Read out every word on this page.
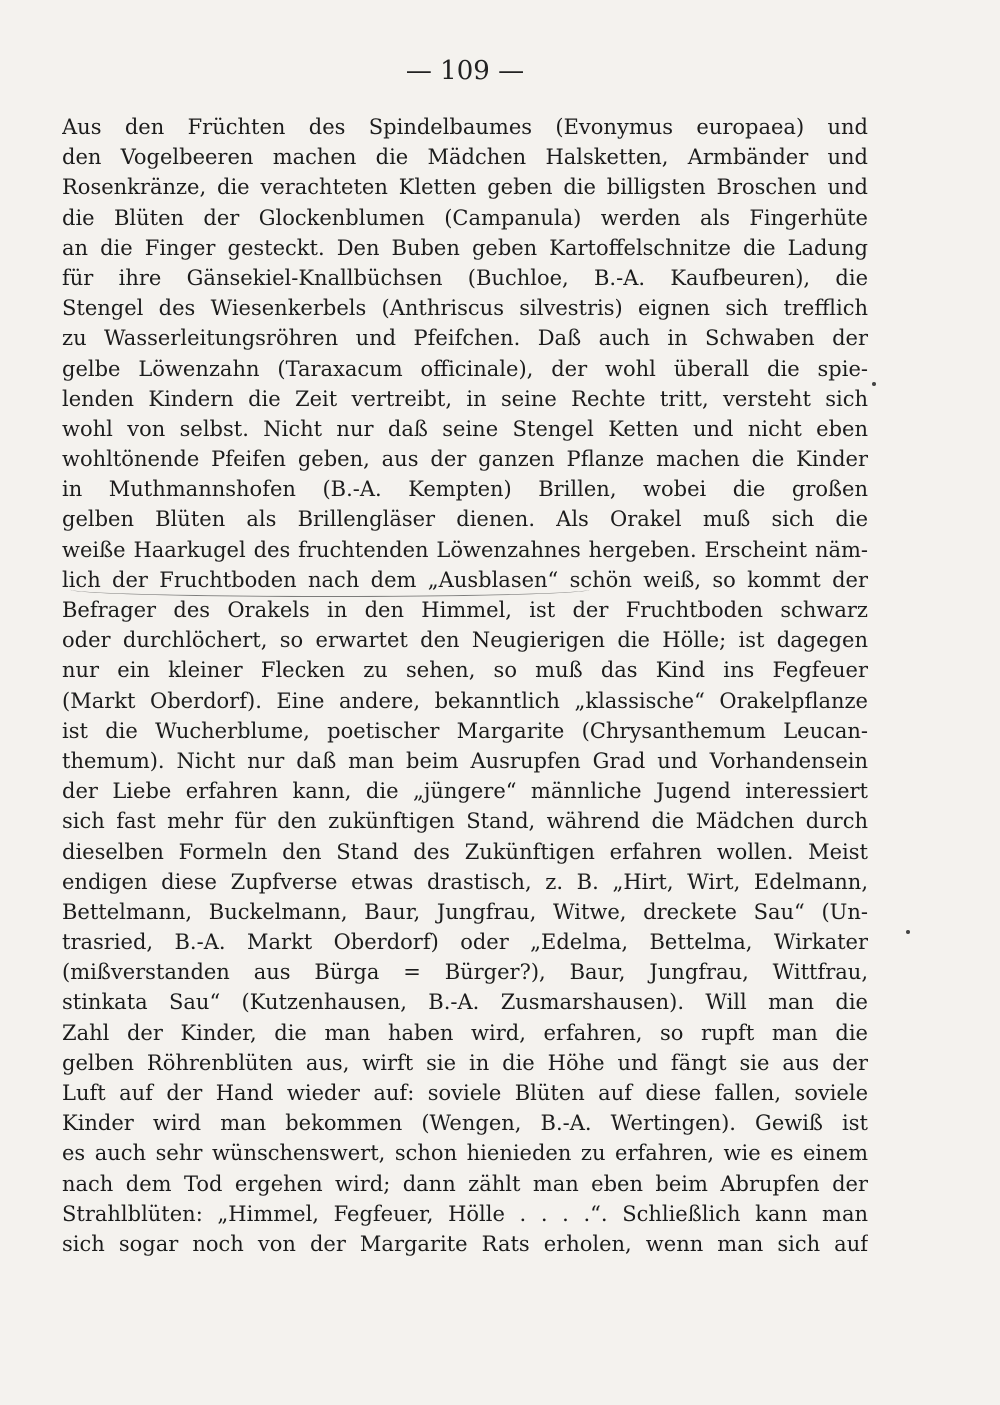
— 109 —
Aus den Früchten des Spindelbaumes (Evonymus europaea) und
den Vogelbeeren machen die Mädchen Halsketten, Armbänder und
Rosenkränze, die verachteten Kletten geben die billigsten Broschen und
die Blüten der Glockenblumen (Campanula) werden als Fingerhüte
an die Finger gesteckt. Den Buben geben Kartoffelschnitze die Ladung
für ihre Gänsekiel-Knallbüchsen (Buchloe, B.-A. Kaufbeuren), die
Stengel des Wiesenkerbels (Anthriscus silvestris) eignen sich trefflich
zu Wasserleitungsröhren und Pfeifchen. Daß auch in Schwaben der
gelbe Löwenzahn (Taraxacum officinale), der wohl überall die spie-
lenden Kindern die Zeit vertreibt, in seine Rechte tritt, versteht sich
wohl von selbst. Nicht nur daß seine Stengel Ketten und nicht eben
wohltönende Pfeifen geben, aus der ganzen Pflanze machen die Kinder
in Muthmannshofen (B.-A. Kempten) Brillen, wobei die großen
gelben Blüten als Brillengläser dienen. Als Orakel muß sich die
weiße Haarkugel des fruchtenden Löwenzahnes hergeben. Erscheint näm-
lich der Fruchtboden nach dem „Ausblasen“ schön weiß, so kommt der
Befrager des Orakels in den Himmel, ist der Fruchtboden schwarz
oder durchlöchert, so erwartet den Neugierigen die Hölle; ist dagegen
nur ein kleiner Flecken zu sehen, so muß das Kind ins Fegfeuer
(Markt Oberdorf). Eine andere, bekanntlich „klassische“ Orakelpflanze
ist die Wucherblume, poetischer Margarite (Chrysanthemum Leucan-
themum). Nicht nur daß man beim Ausrupfen Grad und Vorhandensein
der Liebe erfahren kann, die „jüngere“ männliche Jugend interessiert
sich fast mehr für den zukünftigen Stand, während die Mädchen durch
dieselben Formeln den Stand des Zukünftigen erfahren wollen. Meist
endigen diese Zupfverse etwas drastisch, z. B. „Hirt, Wirt, Edelmann,
Bettelmann, Buckelmann, Baur, Jungfrau, Witwe, dreckete Sau“ (Un-
trasried, B.-A. Markt Oberdorf) oder „Edelma, Bettelma, Wirkater
(mißverstanden aus Bürga = Bürger?), Baur, Jungfrau, Wittfrau,
stinkata Sau“ (Kutzenhausen, B.-A. Zusmarshausen). Will man die
Zahl der Kinder, die man haben wird, erfahren, so rupft man die
gelben Röhrenblüten aus, wirft sie in die Höhe und fängt sie aus der
Luft auf der Hand wieder auf: soviele Blüten auf diese fallen, soviele
Kinder wird man bekommen (Wengen, B.-A. Wertingen). Gewiß ist
es auch sehr wünschenswert, schon hienieden zu erfahren, wie es einem
nach dem Tod ergehen wird; dann zählt man eben beim Abrupfen der
Strahlblüten: „Himmel, Fegfeuer, Hölle . . . .“. Schließlich kann man
sich sogar noch von der Margarite Rats erholen, wenn man sich auf
